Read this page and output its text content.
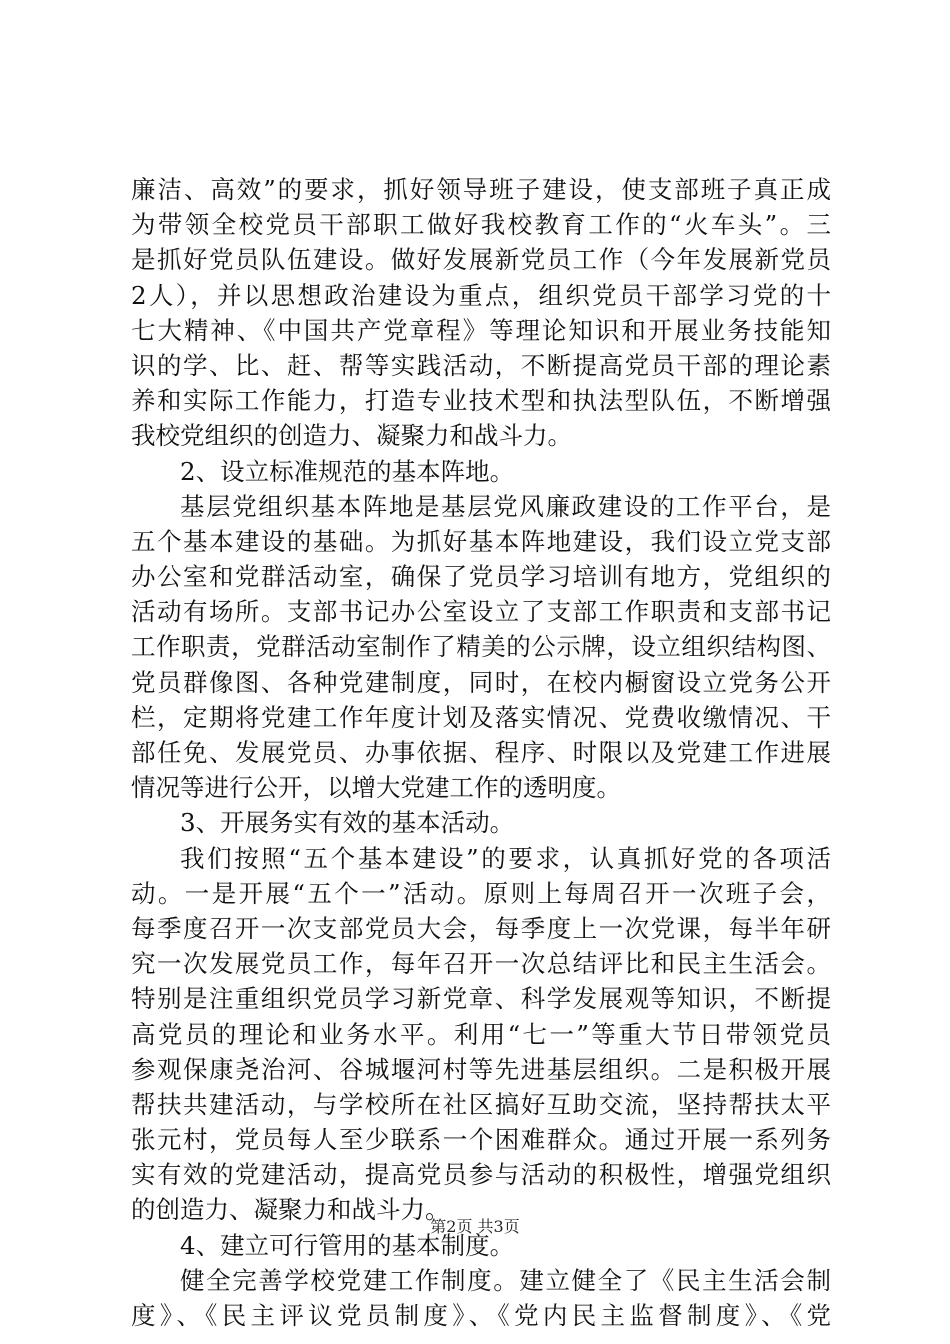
廉洁、高效”的要求，抓好领导班子建设，使支部班子真正成
为带领全校党员干部职工做好我校教育工作的“火车头”。三
是抓好党员队伍建设。做好发展新党员工作（今年发展新党员
2人），并以思想政治建设为重点，组织党员干部学习党的十
七大精神、《中国共产党章程》等理论知识和开展业务技能知
识的学、比、赶、帮等实践活动，不断提高党员干部的理论素
养和实际工作能力，打造专业技术型和执法型队伍，不断增强
我校党组织的创造力、凝聚力和战斗力。
2、设立标准规范的基本阵地。
基层党组织基本阵地是基层党风廉政建设的工作平台，是
五个基本建设的基础。为抓好基本阵地建设，我们设立党支部
办公室和党群活动室，确保了党员学习培训有地方，党组织的
活动有场所。支部书记办公室设立了支部工作职责和支部书记
工作职责，党群活动室制作了精美的公示牌，设立组织结构图、
党员群像图、各种党建制度，同时，在校内橱窗设立党务公开
栏，定期将党建工作年度计划及落实情况、党费收缴情况、干
部任免、发展党员、办事依据、程序、时限以及党建工作进展
情况等进行公开，以增大党建工作的透明度。
3、开展务实有效的基本活动。
我们按照“五个基本建设”的要求，认真抓好党的各项活
动。一是开展“五个一”活动。原则上每周召开一次班子会，
每季度召开一次支部党员大会，每季度上一次党课，每半年研
究一次发展党员工作，每年召开一次总结评比和民主生活会。
特别是注重组织党员学习新党章、科学发展观等知识，不断提
高党员的理论和业务水平。利用“七一”等重大节日带领党员
参观保康尧治河、谷城堰河村等先进基层组织。二是积极开展
帮扶共建活动，与学校所在社区搞好互助交流，坚持帮扶太平
张元村，党员每人至少联系一个困难群众。通过开展一系列务
实有效的党建活动，提高党员参与活动的积极性，增强党组织
的创造力、凝聚力和战斗力。
4、建立可行管用的基本制度。
健全完善学校党建工作制度。建立健全了《民主生活会制
度》、《民主评议党员制度》、《党内民主监督制度》、《党
第2页 共3页
